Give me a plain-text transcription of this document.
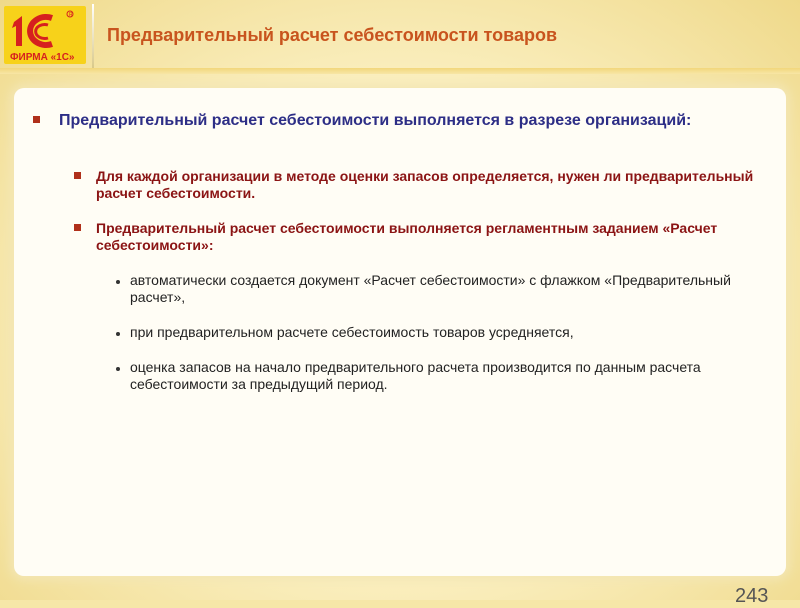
R
ФИРМА «1С»
Предварительный расчет себестоимости товаров
Предварительный расчет себестоимости выполняется в разрезе организаций:
Для каждой организации в методе оценки запасов определяется, нужен ли предварительный расчет себестоимости.
Предварительный расчет себестоимости выполняется регламентным заданием «Расчет себестоимости»:
автоматически создается документ «Расчет себестоимости» с флажком «Предварительный расчет»,
при предварительном расчете себестоимость товаров усредняется,
оценка запасов на начало предварительного расчета производится по данным расчета себестоимости за предыдущий период.
243
